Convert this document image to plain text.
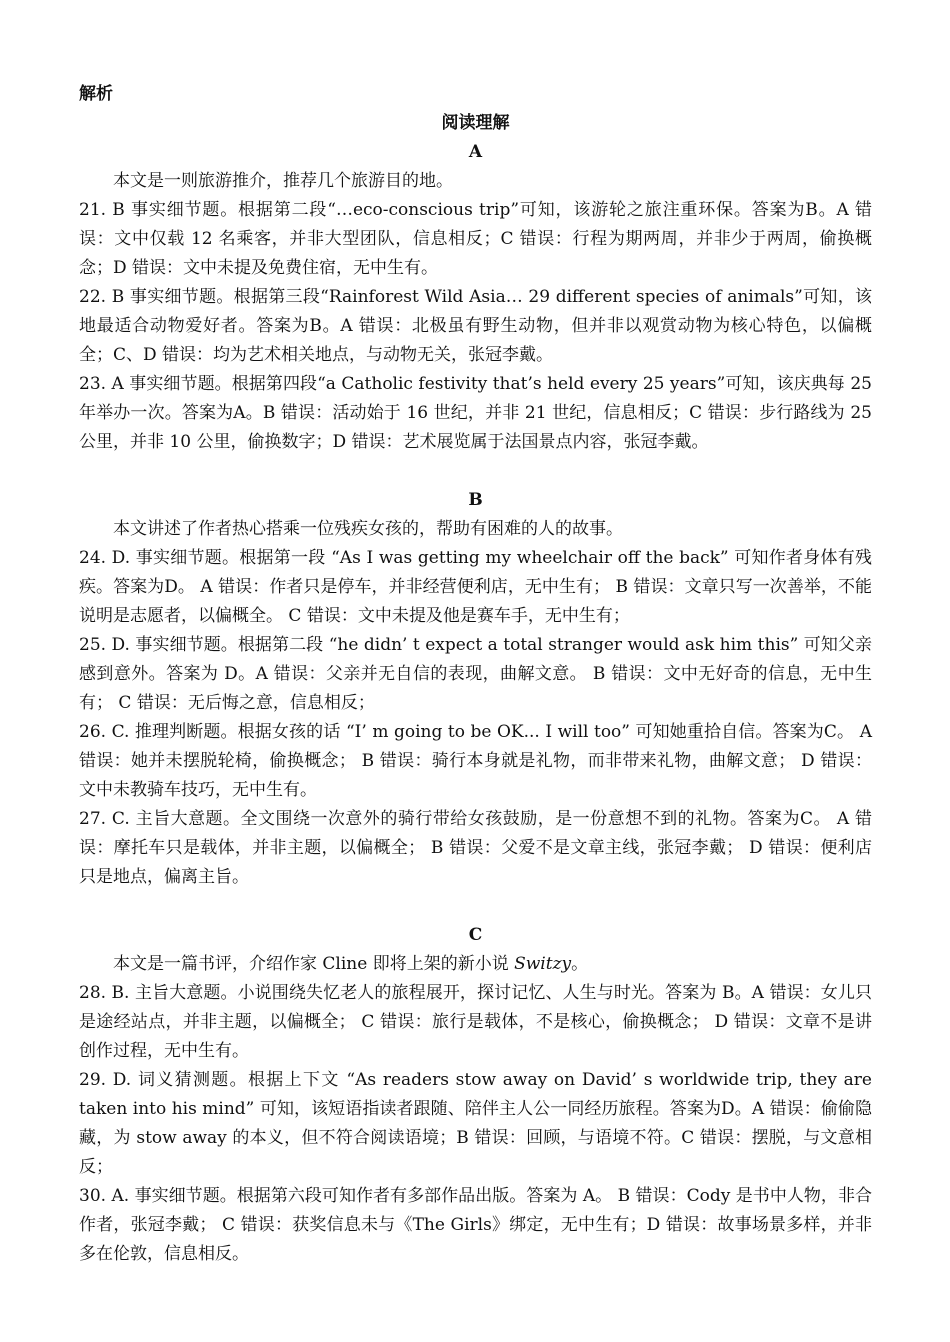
解析

阅读理解

A

本文是一则旅游推介，推荐几个旅游目的地。

21. B 事实细节题。根据第二段“…eco-conscious trip”可知，该游轮之旅注重环保。答案为B。A 错误：文中仅载 12 名乘客，并非大型团队，信息相反；C 错误：行程为期两周，并非少于两周，偷换概念；D 错误：文中未提及免费住宿，无中生有。

22. B 事实细节题。根据第三段“Rainforest Wild Asia… 29 different species of animals”可知，该地最适合动物爱好者。答案为B。A 错误：北极虽有野生动物，但并非以观赏动物为核心特色，以偏概全；C、D 错误：均为艺术相关地点，与动物无关，张冠李戴。

23. A 事实细节题。根据第四段“a Catholic festivity that’s held every 25 years”可知，该庆典每 25 年举办一次。答案为A。B 错误：活动始于 16 世纪，并非 21 世纪，信息相反；C 错误：步行路线为 25 公里，并非 10 公里，偷换数字；D 错误：艺术展览属于法国景点内容，张冠李戴。

B

本文讲述了作者热心搭乘一位残疾女孩的，帮助有困难的人的故事。

24. D. 事实细节题。根据第一段 “As I was getting my wheelchair off the back” 可知作者身体有残疾。答案为D。 A 错误：作者只是停车，并非经营便利店，无中生有； B 错误：文章只写一次善举，不能说明是志愿者，以偏概全。 C 错误：文中未提及他是赛车手，无中生有；

25. D. 事实细节题。根据第二段 “he didn’ t expect a total stranger would ask him this” 可知父亲感到意外。答案为 D。A 错误：父亲并无自信的表现，曲解文意。 B 错误：文中无好奇的信息，无中生有； C 错误：无后悔之意，信息相反；

26. C. 推理判断题。根据女孩的话 “I’ m going to be OK... I will too” 可知她重拾自信。答案为C。 A 错误：她并未摆脱轮椅，偷换概念； B 错误：骑行本身就是礼物，而非带来礼物，曲解文意； D 错误：文中未教骑车技巧，无中生有。

27. C. 主旨大意题。全文围绕一次意外的骑行带给女孩鼓励，是一份意想不到的礼物。答案为C。 A 错误：摩托车只是载体，并非主题，以偏概全； B 错误：父爱不是文章主线，张冠李戴； D 错误：便利店只是地点，偏离主旨。

C

本文是一篇书评，介绍作家 Cline 即将上架的新小说 Switzy。

28. B. 主旨大意题。小说围绕失忆老人的旅程展开，探讨记忆、人生与时光。答案为 B。A 错误：女儿只是途经站点，并非主题，以偏概全； C 错误：旅行是载体，不是核心，偷换概念； D 错误：文章不是讲创作过程，无中生有。

29. D. 词义猜测题。根据上下文 “As readers stow away on David’ s worldwide trip, they are taken into his mind” 可知，该短语指读者跟随、陪伴主人公一同经历旅程。答案为D。A 错误：偷偷隐藏，为 stow away 的本义，但不符合阅读语境；B 错误：回顾，与语境不符。C 错误：摆脱，与文意相反；

30. A. 事实细节题。根据第六段可知作者有多部作品出版。答案为 A。 B 错误：Cody 是书中人物，非合作者，张冠李戴； C 错误：获奖信息未与《The Girls》绑定，无中生有；D 错误：故事场景多样，并非多在伦敦，信息相反。
